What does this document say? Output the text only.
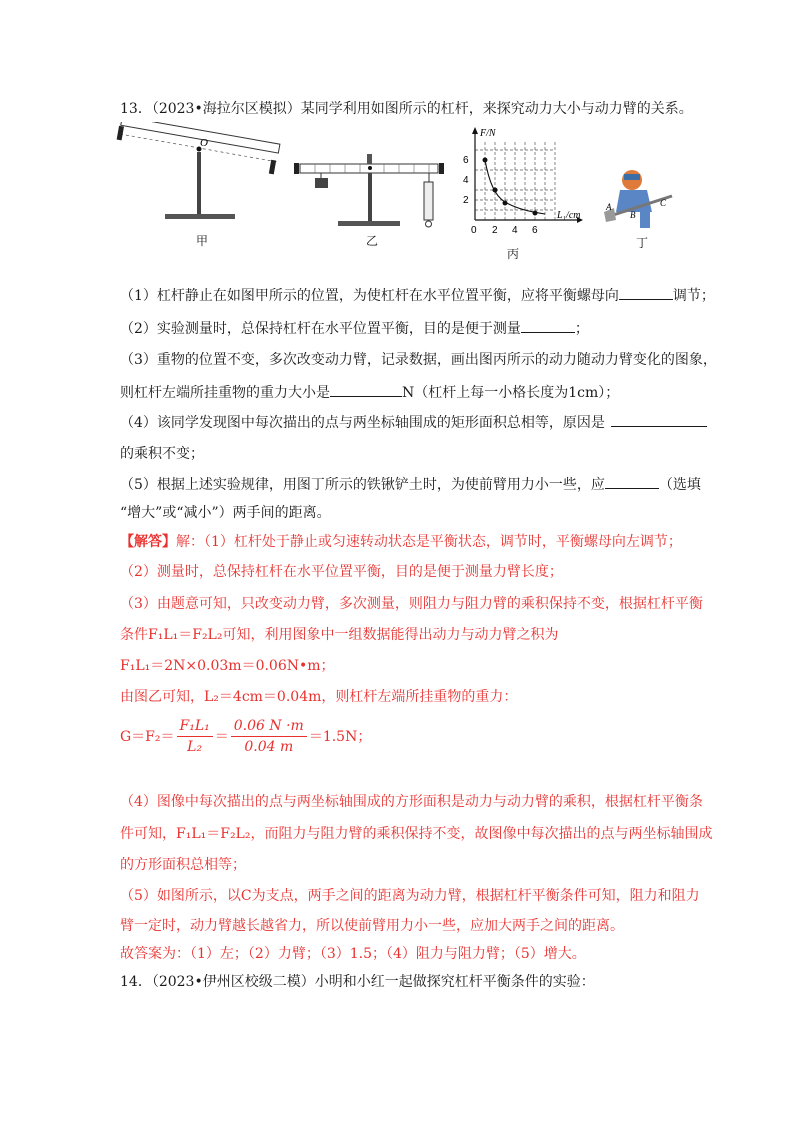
13．（2023•海拉尔区模拟）某同学利用如图所示的杠杆，来探究动力大小与动力臂的关系。
O
甲	乙
F/N
L₁/cm
6
4
2
0 2 4 6
丙
A
B
C
丁
（1）杠杆静止在如图甲所示的位置，为使杠杆在水平位置平衡，应将平衡螺母向	调节；
（2）实验测量时，总保持杠杆在水平位置平衡，目的是便于测量	；
（3）重物的位置不变，多次改变动力臂，记录数据，画出图丙所示的动力随动力臂变化的图象，
则杠杆左端所挂重物的重力大小是	N（杠杆上每一小格长度为1cm）；
（4）该同学发现图中每次描出的点与两坐标轴围成的矩形面积总相等，原因是
的乘积不变；
（5）根据上述实验规律，用图丁所示的铁锹铲土时，为使前臂用力小一些，应	（选填
“增大”或“减小”）两手间的距离。
【解答】解：（1）杠杆处于静止或匀速转动状态是平衡状态，调节时，平衡螺母向左调节；
（2）测量时，总保持杠杆在水平位置平衡，目的是便于测量力臂长度；
（3）由题意可知，只改变动力臂，多次测量，则阻力与阻力臂的乘积保持不变，根据杠杆平衡
条件F₁L₁＝F₂L₂可知，利用图象中一组数据能得出动力与动力臂之积为
F₁L₁＝2N×0.03m＝0.06N•m；
由图乙可知，L₂＝4cm＝0.04m，则杠杆左端所挂重物的重力：
$G=F_2= \frac{\text{F₁L₁}}{\text{L₂}} = \frac{0.06 N \cdot m}{0.04 m} =1.5N$；
（4）图像中每次描出的点与两坐标轴围成的方形面积是动力与动力臂的乘积，根据杠杆平衡条
件可知，F₁L₁＝F₂L₂，而阻力与阻力臂的乘积保持不变，故图像中每次描出的点与两坐标轴围成
的方形面积总相等；
（5）如图所示，以C为支点，两手之间的距离为动力臂，根据杠杆平衡条件可知，阻力和阻力
臂一定时，动力臂越长越省力，所以使前臂用力小一些，应加大两手之间的距离。
故答案为：（1）左；（2）力臂；（3）1.5；（4）阻力与阻力臂；（5）增大。
14．（2023•伊州区校级二模）小明和小红一起做探究杠杆平衡条件的实验：
